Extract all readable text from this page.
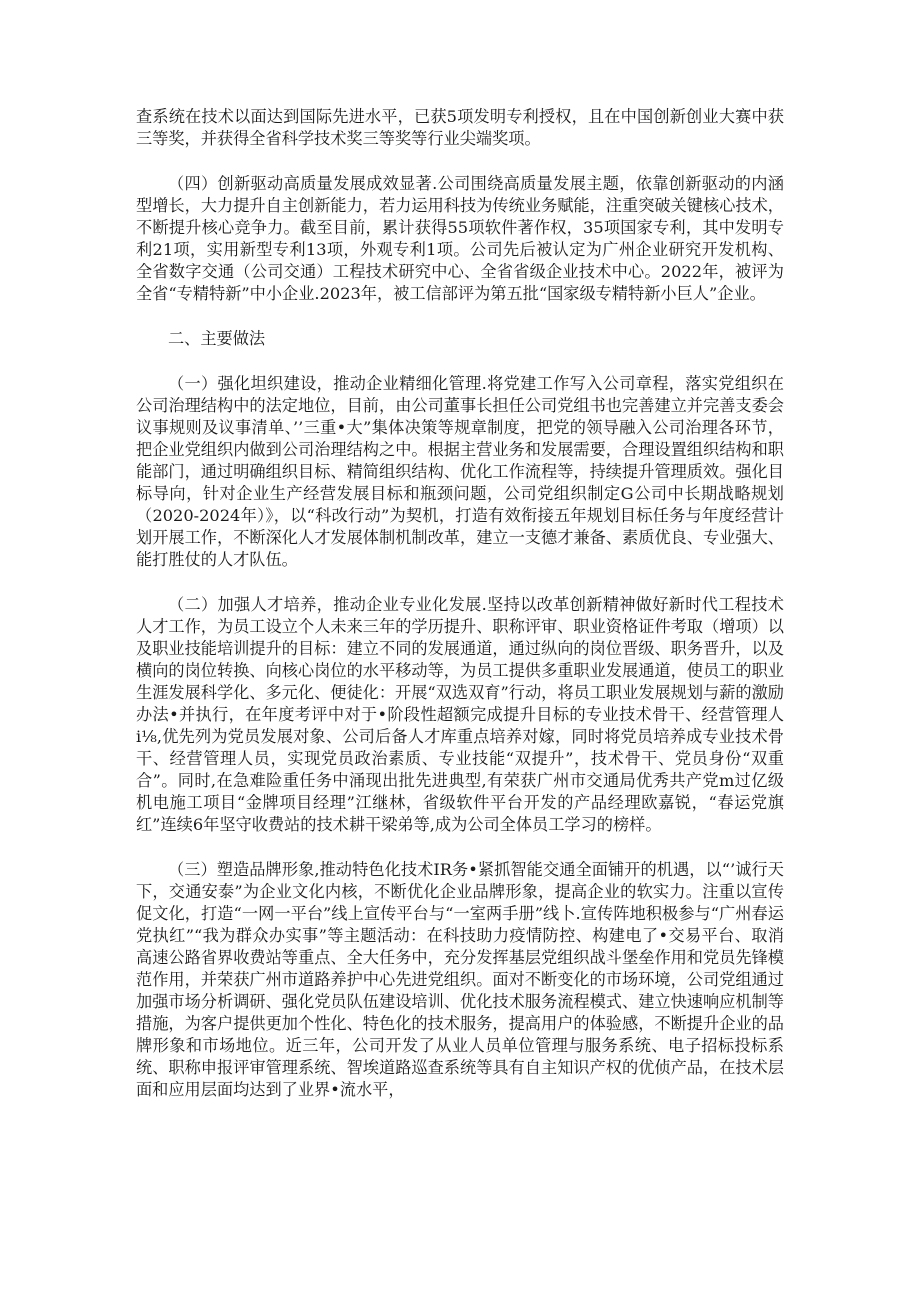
查系统在技术以面达到国际先进水平，已获5项发明专利授权，且在中国创新创业大赛中获三等奖，并获得全省科学技术奖三等奖等行业尖端奖项。

（四）创新驱动高质量发展成效显著.公司围绕高质量发展主题，依靠创新驱动的内涵型增长，大力提升自主创新能力，若力运用科技为传统业务赋能，注重突破关键核心技术，不断提升核心竞争力。截至目前，累计获得55项软件著作权，35项国家专利，其中发明专利21项，实用新型专利13项，外观专利1项。公司先后被认定为广州企业研究开发机构、全省数字交通（公司交通）工程技术研究中心、全省省级企业技术中心。2022年，被评为全省“专精特新”中小企业.2023年，被工信部评为第五批“国家级专精特新小巨人”企业。

二、主要做法

（一）强化坦织建设，推动企业精细化管理.将党建工作写入公司章程，落实党组织在公司治理结构中的法定地位，目前，由公司董事长担任公司党组书也完善建立并完善支委会议事规则及议事清单、’’三重•大”集体决策等规章制度，把党的领导融入公司治理各环节，把企业党组织内做到公司治理结构之中。根据主营业务和发展需要，合理设置组织结构和职能部门，通过明确组织目标、精简组织结构、优化工作流程等，持续提升管理质效。强化目标导向，针对企业生产经营发展目标和瓶颈问题，公司党组织制定G公司中长期战略规划（2020-2024年）》，以“科改行动”为契机，打造有效衔接五年规划目标任务与年度经营计划开展工作，不断深化人才发展体制机制改革，建立一支德才兼备、素质优良、专业强大、能打胜仗的人才队伍。

（二）加强人才培养，推动企业专业化发展.坚持以改革创新精神做好新时代工程技术人才工作，为员工设立个人未来三年的学历提升、职称评审、职业资格证件考取（增项）以及职业技能培训提升的目标：建立不同的发展通道，通过纵向的岗位晋级、职务晋升，以及横向的岗位转换、向核心岗位的水平移动等，为员工提供多重职业发展通道，使员工的职业生涯发展科学化、多元化、便徒化：开展“双选双育”行动，将员工职业发展规划与薪的激励办法•并执行，在年度考评中对于•阶段性超额完成提升目标的专业技术骨干、经营管理人i⅛,优先列为党员发展对象、公司后备人才库重点培养对嫁，同时将党员培养成专业技术骨干、经营管理人员，实现党员政治素质、专业技能“双提升”，技术骨干、党员身份“双重合”。同时,在急难险重任务中涌现出批先进典型,有荣获广州市交通局优秀共产党m过亿级机电施工项目“金牌项目经理”江继林，省级软件平台开发的产品经理欧嘉锐，“春运党旗红”连续6年坚守收费站的技术耕干梁弟等,成为公司全体员工学习的榜样。

（三）塑造品牌形象,推动特色化技术IR务•紧抓智能交通全面铺开的机遇，以“’诚行天下，交通安泰”为企业文化内核，不断优化企业品牌形象，提高企业的软实力。注重以宣传促文化，打造“一网一平台”线上宣传平台与“一室两手册”线卜.宣传阵地积极参与“广州春运党执红”“我为群众办实事”等主题活动：在科技助力疫情防控、构建电了•交易平台、取消高速公路省界收费站等重点、全大任务中，充分发挥基层党组织战斗堡垒作用和党员先锋模范作用，并荣获广州市道路养护中心先进党组织。面对不断变化的市场环境，公司党组通过加强市场分析调研、强化党员队伍建设培训、优化技术服务流程模式、建立快速响应机制等措施，为客户提供更加个性化、特色化的技术服务，提高用户的体验感，不断提升企业的品牌形象和市场地位。近三年，公司开发了从业人员单位管理与服务系统、电子招标投标系统、职称申报评审管理系统、智埃道路巡查系统等具有自主知识产权的优侦产品，在技术层面和应用层面均达到了业界•流水平，
